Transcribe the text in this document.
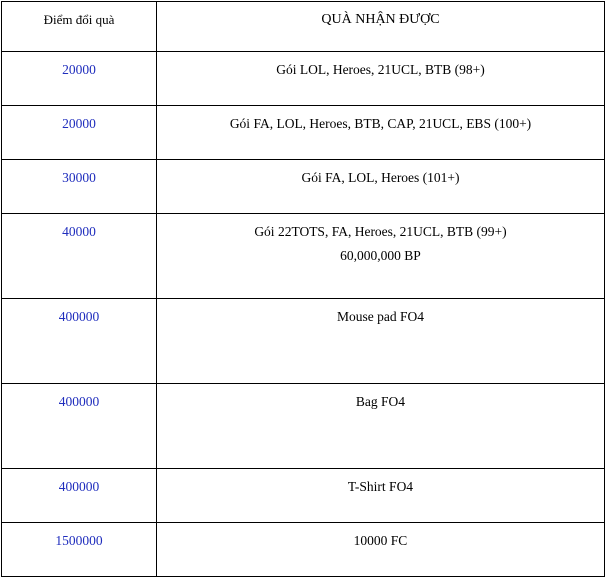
Điểm đổi quà	QUÀ NHẬN ĐƯỢC
20000	Gói LOL, Heroes, 21UCL, BTB (98+)

20000	Gói FA, LOL, Heroes, BTB, CAP, 21UCL, EBS (100+)

30000	Gói FA, LOL, Heroes (101+)

40000	Gói 22TOTS, FA, Heroes, 21UCL, BTB (99+)
60,000,000 BP

400000	Mouse pad FO4

400000	Bag FO4

400000	T-Shirt FO4

1500000	10000 FC
